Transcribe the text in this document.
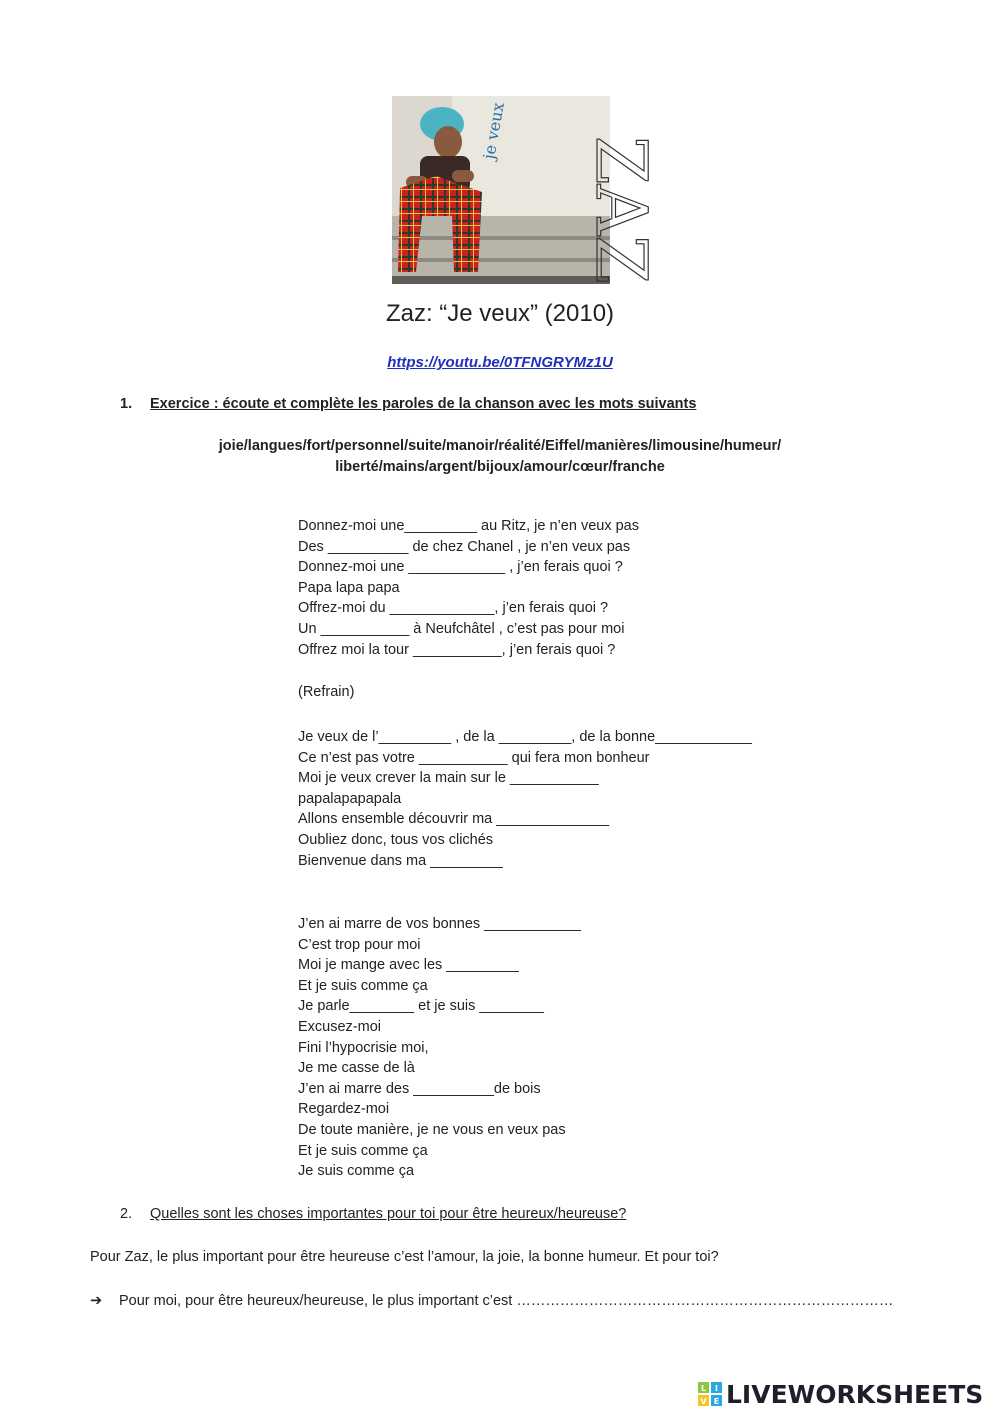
je veux
ZAZ
Zaz: “Je veux” (2010)
https://youtu.be/0TFNGRYMz1U
1. Exercice : écoute et complète les paroles de la chanson avec les mots suivants
joie/langues/fort/personnel/suite/manoir/réalité/Eiffel/manières/limousine/humeur/
liberté/mains/argent/bijoux/amour/cœur/franche
Donnez-moi une_________ au Ritz, je n’en veux pas
Des __________ de chez Chanel , je n’en veux pas
Donnez-moi une ____________ , j’en ferais quoi ?
Papa lapa papa
Offrez-moi du _____________, j’en ferais quoi ?
Un ___________ à Neufchâtel , c’est pas pour moi
Offrez moi la tour ___________, j’en ferais quoi ?
(Refrain)
Je veux de l’_________ , de la _________, de la bonne____________
Ce n’est pas votre ___________ qui fera mon bonheur
Moi je veux crever la main sur le ___________
papalapapapala
Allons ensemble découvrir ma ______________
Oubliez donc, tous vos clichés
Bienvenue dans ma _________
J’en ai marre de vos bonnes ____________
C’est trop pour moi
Moi je mange avec les _________
Et je suis comme ça
Je parle________ et je suis ________
Excusez-moi
Fini l’hypocrisie moi,
Je me casse de là
J’en ai marre des __________de bois
Regardez-moi
De toute manière, je ne vous en veux pas
Et je suis comme ça
Je suis comme ça
2. Quelles sont les choses importantes pour toi pour être heureux/heureuse?
Pour Zaz, le plus important pour être heureuse c’est l’amour, la joie, la bonne humeur. Et pour toi?
➔ Pour moi, pour être heureux/heureuse, le plus important c’est ……………………………………………………………………
L I
V E LIVEWORKSHEETS
